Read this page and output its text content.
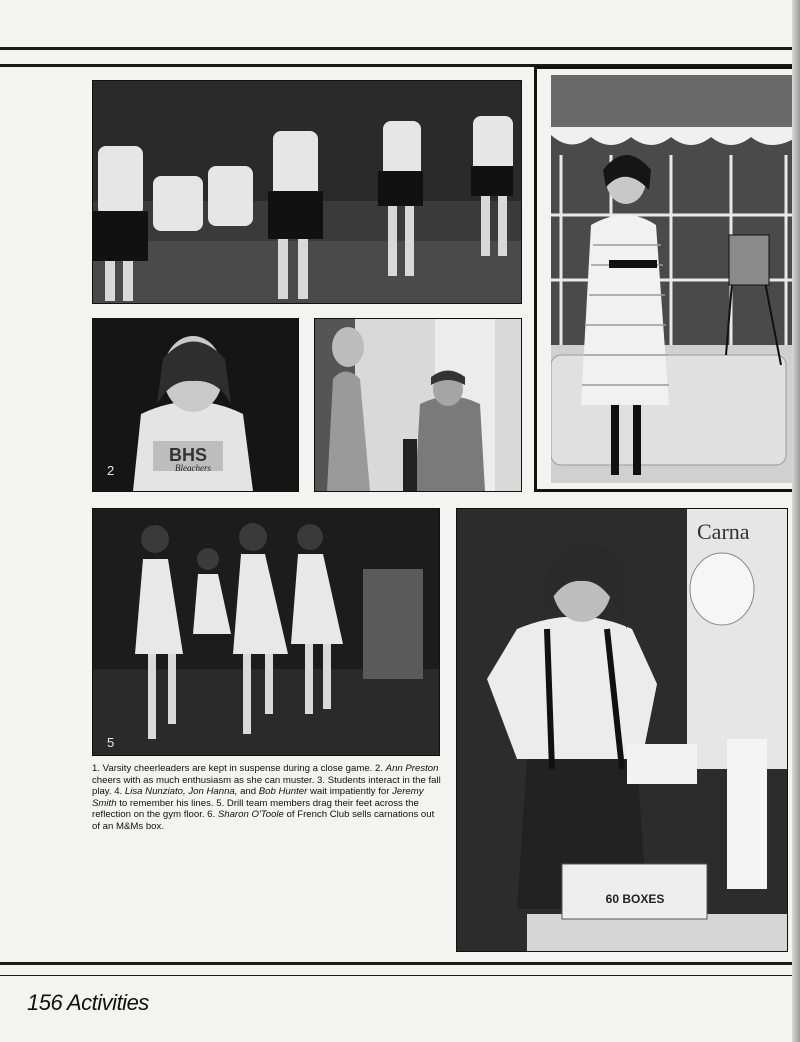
BHS
Bleachers
2
5
Carna
60 BOXES
1. Varsity cheerleaders are kept in suspense during a close game. 2. Ann Preston cheers with as much enthusiasm as she can muster. 3. Students interact in the fall play. 4. Lisa Nunziato, Jon Hanna, and Bob Hunter wait impatiently for Jeremy Smith to remember his lines. 5. Drill team members drag their feet across the reflection on the gym floor. 6. Sharon O'Toole of French Club sells carnations out of an M&Ms box.
156 Activities
